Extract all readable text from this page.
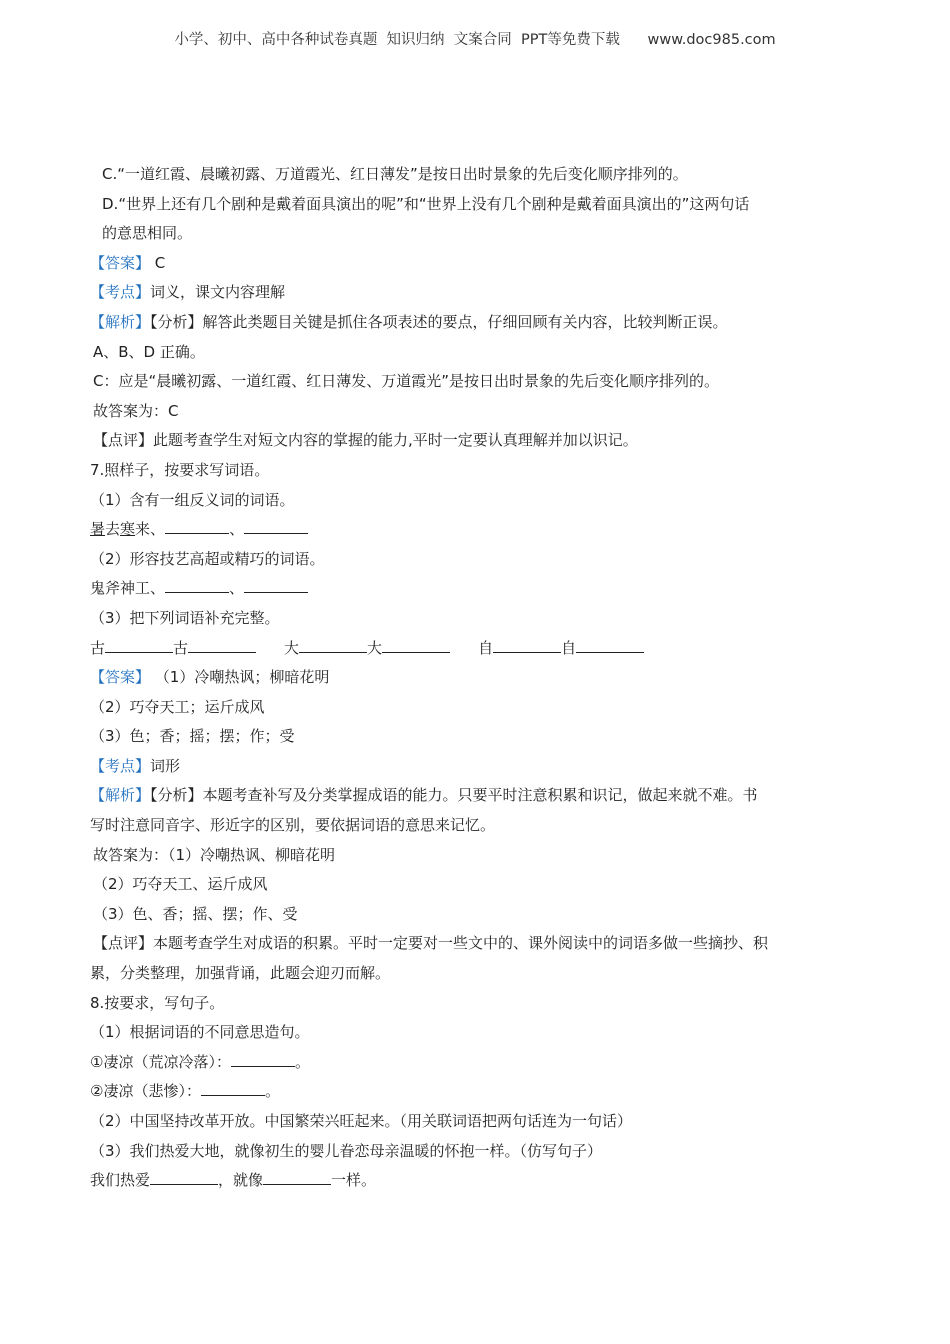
小学、初中、高中各种试卷真题  知识归纳  文案合同  PPT等免费下载      www.doc985.com
C.“一道红霞、晨曦初露、万道霞光、红日薄发”是按日出时景象的先后变化顺序排列的。
D.“世界上还有几个剧种是戴着面具演出的呢”和“世界上没有几个剧种是戴着面具演出的”这两句话
的意思相同。
【答案】 C
【考点】词义，课文内容理解
【解析】【分析】解答此类题目关键是抓住各项表述的要点，仔细回顾有关内容，比较判断正误。
A、B、D 正确。
C：应是“晨曦初露、一道红霞、红日薄发、万道霞光”是按日出时景象的先后变化顺序排列的。
故答案为：C
【点评】此题考查学生对短文内容的掌握的能力,平时一定要认真理解并加以识记。
7.照样子，按要求写词语。
（1）含有一组反义词的词语。
暑去寒来、	、
（2）形容技艺高超或精巧的词语。
鬼斧神工、	、
（3）把下列词语补充完整。
古	古	大	大	自	自
【答案】 （1）冷嘲热讽；柳暗花明
（2）巧夺天工；运斤成风
（3）色；香；摇；摆；作；受
【考点】词形
【解析】【分析】本题考查补写及分类掌握成语的能力。只要平时注意积累和识记，做起来就不难。书
写时注意同音字、形近字的区别，要依据词语的意思来记忆。
故答案为：（1）冷嘲热讽、柳暗花明
（2）巧夺天工、运斤成风
（3）色、香；摇、摆；作、受
【点评】本题考查学生对成语的积累。平时一定要对一些文中的、课外阅读中的词语多做一些摘抄、积
累，分类整理，加强背诵，此题会迎刃而解。
8.按要求，写句子。
（1）根据词语的不同意思造句。
①凄凉（荒凉冷落）：	。
②凄凉（悲惨）：	。
（2）中国坚持改革开放。中国繁荣兴旺起来。（用关联词语把两句话连为一句话）
（3）我们热爱大地，就像初生的婴儿眷恋母亲温暖的怀抱一样。（仿写句子）
我们热爱	，就像	一样。
